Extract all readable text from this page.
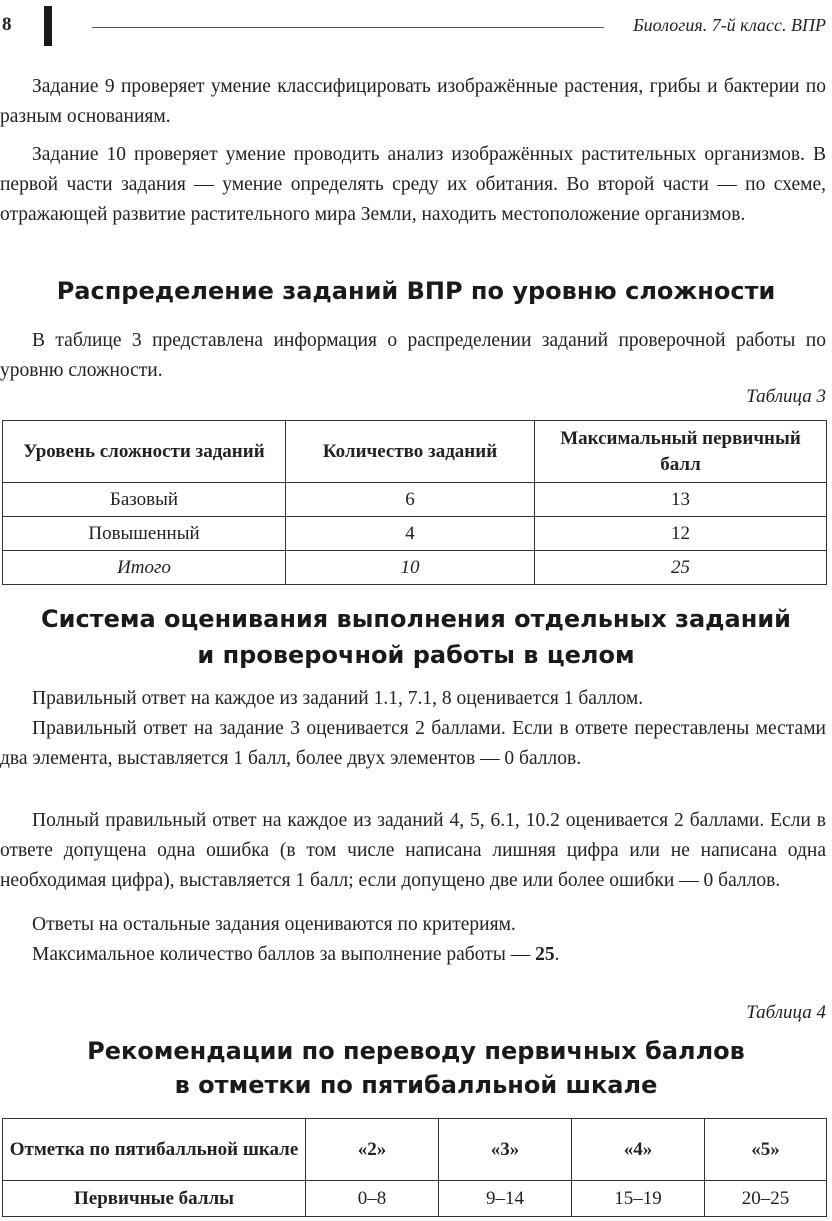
8	Биология. 7-й класс. ВПР

Задание 9 проверяет умение классифицировать изображённые растения, грибы и бактерии по разным основаниям.

Задание 10 проверяет умение проводить анализ изображённых растительных организмов. В первой части задания — умение определять среду их обитания. Во второй части — по схеме, отражающей развитие растительного мира Земли, находить местоположение организмов.

Распределение заданий ВПР по уровню сложности

В таблице 3 представлена информация о распределении заданий проверочной работы по уровню сложности.

Таблица 3
Уровень сложности заданий	Количество заданий	Максимальный первичный балл
Базовый	6	13
Повышенный	4	12
Итого	10	25
Система оценивания выполнения отдельных заданий
и проверочной работы в целом

Правильный ответ на каждое из заданий 1.1, 7.1, 8 оценивается 1 баллом.

Правильный ответ на задание 3 оценивается 2 баллами. Если в ответе переставлены местами два элемента, выставляется 1 балл, более двух элементов — 0 баллов.

Полный правильный ответ на каждое из заданий 4, 5, 6.1, 10.2 оценивается 2 баллами. Если в ответе допущена одна ошибка (в том числе написана лишняя цифра или не написана одна необходимая цифра), выставляется 1 балл; если допущено две или более ошибки — 0 баллов.

Ответы на остальные задания оцениваются по критериям.

Максимальное количество баллов за выполнение работы — 25.

Таблица 4
Рекомендации по переводу первичных баллов
в отметки по пятибалльной шкале
Отметка по пятибалльной шкале	«2»	«3»	«4»	«5»
Первичные баллы	0–8	9–14	15–19	20–25
